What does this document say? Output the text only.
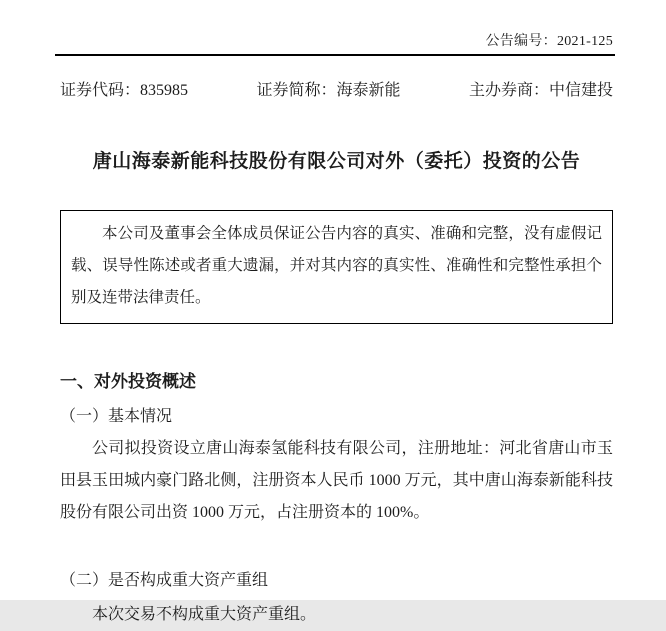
公告编号：2021-125
证券代码：835985	证券简称：海泰新能	主办券商：中信建投
唐山海泰新能科技股份有限公司对外（委托）投资的公告

本公司及董事会全体成员保证公告内容的真实、准确和完整，没有虚假记载、误导性陈述或者重大遗漏，并对其内容的真实性、准确性和完整性承担个别及连带法律责任。

一、对外投资概述
（一）基本情况

公司拟投资设立唐山海泰氢能科技有限公司，注册地址：河北省唐山市玉田县玉田城内豪门路北侧，注册资本人民币 1000 万元，其中唐山海泰新能科技股份有限公司出资 1000 万元，占注册资本的 100%。

（二）是否构成重大资产重组

本次交易不构成重大资产重组。
